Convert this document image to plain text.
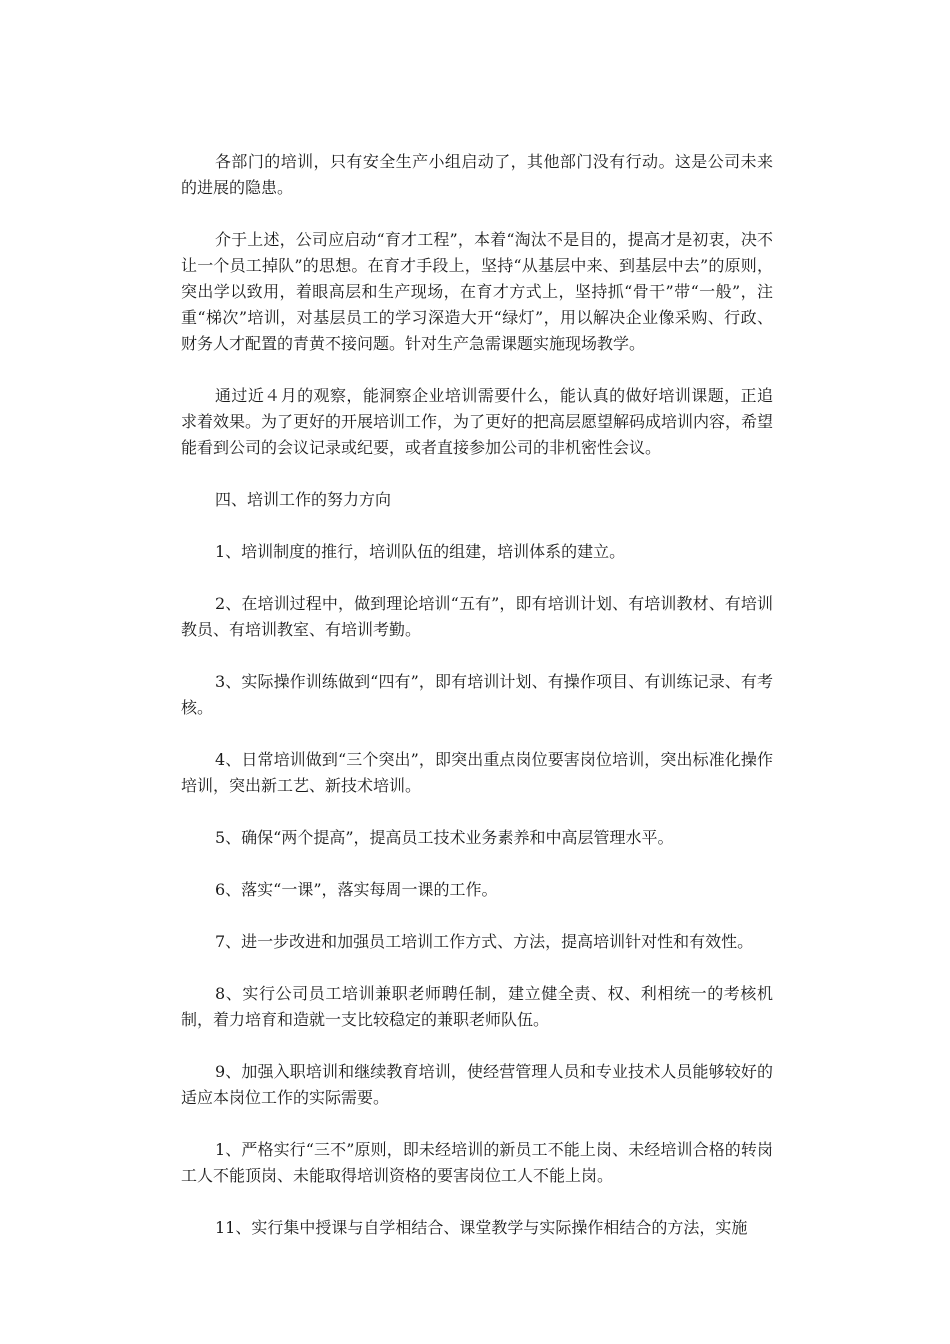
各部门的培训，只有安全生产小组启动了，其他部门没有行动。这是公司未来的进展的隐患。

介于上述，公司应启动“育才工程”，本着“淘汰不是目的，提高才是初衷，决不让一个员工掉队”的思想。在育才手段上，坚持“从基层中来、到基层中去”的原则，突出学以致用，着眼高层和生产现场，在育才方式上，坚持抓“骨干”带“一般”，注重“梯次”培训，对基层员工的学习深造大开“绿灯”，用以解决企业像采购、行政、财务人才配置的青黄不接问题。针对生产急需课题实施现场教学。

通过近４月的观察，能洞察企业培训需要什么，能认真的做好培训课题，正追求着效果。为了更好的开展培训工作，为了更好的把高层愿望解码成培训内容，希望能看到公司的会议记录或纪要，或者直接参加公司的非机密性会议。

四、培训工作的努力方向

1、培训制度的推行，培训队伍的组建，培训体系的建立。

2、在培训过程中，做到理论培训“五有”，即有培训计划、有培训教材、有培训教员、有培训教室、有培训考勤。

3、实际操作训练做到“四有”，即有培训计划、有操作项目、有训练记录、有考核。

4、日常培训做到“三个突出”，即突出重点岗位要害岗位培训，突出标准化操作培训，突出新工艺、新技术培训。

5、确保“两个提高”，提高员工技术业务素养和中高层管理水平。

6、落实“一课”，落实每周一课的工作。

7、进一步改进和加强员工培训工作方式、方法，提高培训针对性和有效性。

8、实行公司员工培训兼职老师聘任制，建立健全责、权、利相统一的考核机制，着力培育和造就一支比较稳定的兼职老师队伍。

9、加强入职培训和继续教育培训，使经营管理人员和专业技术人员能够较好的适应本岗位工作的实际需要。

1、严格实行“三不”原则，即未经培训的新员工不能上岗、未经培训合格的转岗工人不能顶岗、未能取得培训资格的要害岗位工人不能上岗。

11、实行集中授课与自学相结合、课堂教学与实际操作相结合的方法，实施
